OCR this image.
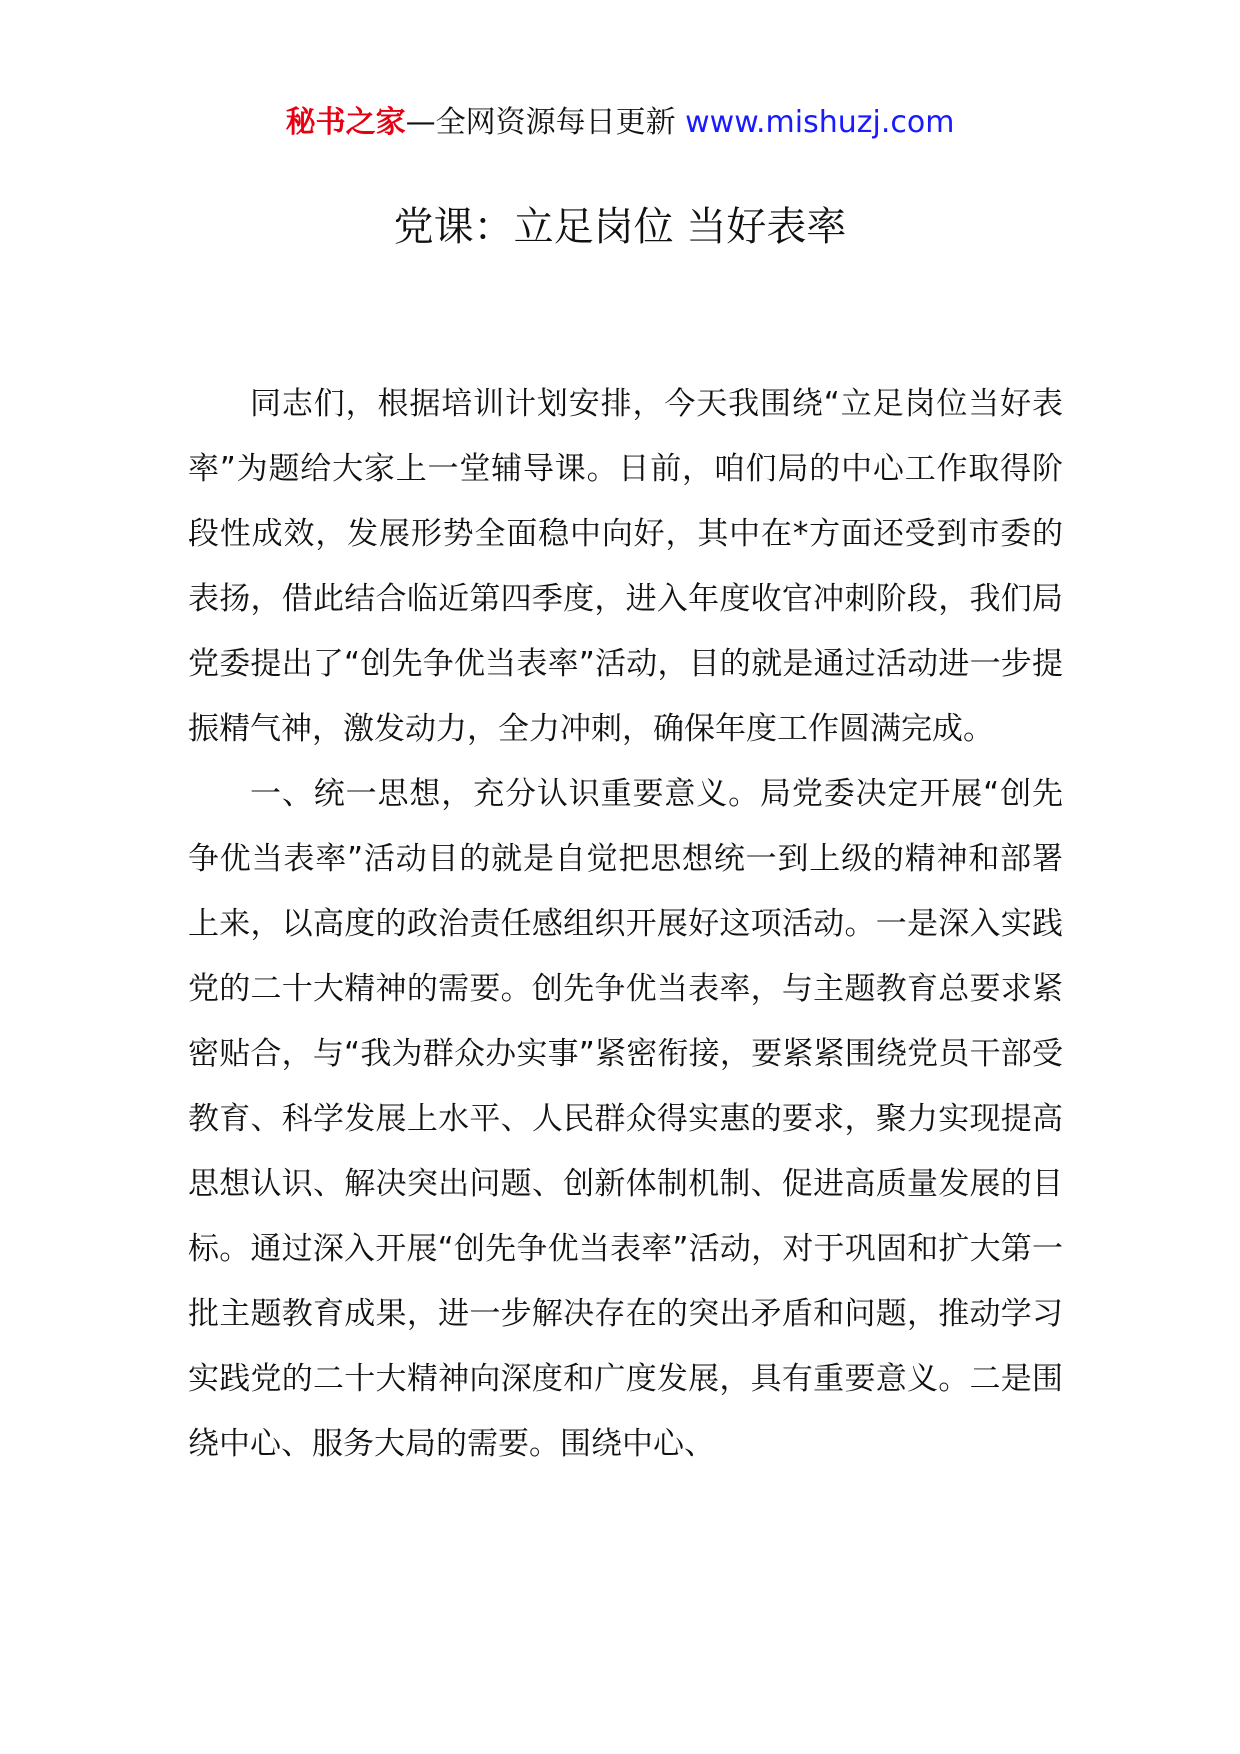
秘书之家—全网资源每日更新 www.mishuzj.com
党课：立足岗位 当好表率

同志们，根据培训计划安排，今天我围绕“立足岗位当好表率”为题给大家上一堂辅导课。日前，咱们局的中心工作取得阶段性成效，发展形势全面稳中向好，其中在*方面还受到市委的表扬，借此结合临近第四季度，进入年度收官冲刺阶段，我们局党委提出了“创先争优当表率”活动，目的就是通过活动进一步提振精气神，激发动力，全力冲刺，确保年度工作圆满完成。

一、统一思想，充分认识重要意义。局党委决定开展“创先争优当表率”活动目的就是自觉把思想统一到上级的精神和部署上来，以高度的政治责任感组织开展好这项活动。一是深入实践党的二十大精神的需要。创先争优当表率，与主题教育总要求紧密贴合，与“我为群众办实事”紧密衔接，要紧紧围绕党员干部受教育、科学发展上水平、人民群众得实惠的要求，聚力实现提高思想认识、解决突出问题、创新体制机制、促进高质量发展的目标。通过深入开展“创先争优当表率”活动，对于巩固和扩大第一批主题教育成果，进一步解决存在的突出矛盾和问题，推动学习实践党的二十大精神向深度和广度发展，具有重要意义。二是围绕中心、服务大局的需要。围绕中心、
